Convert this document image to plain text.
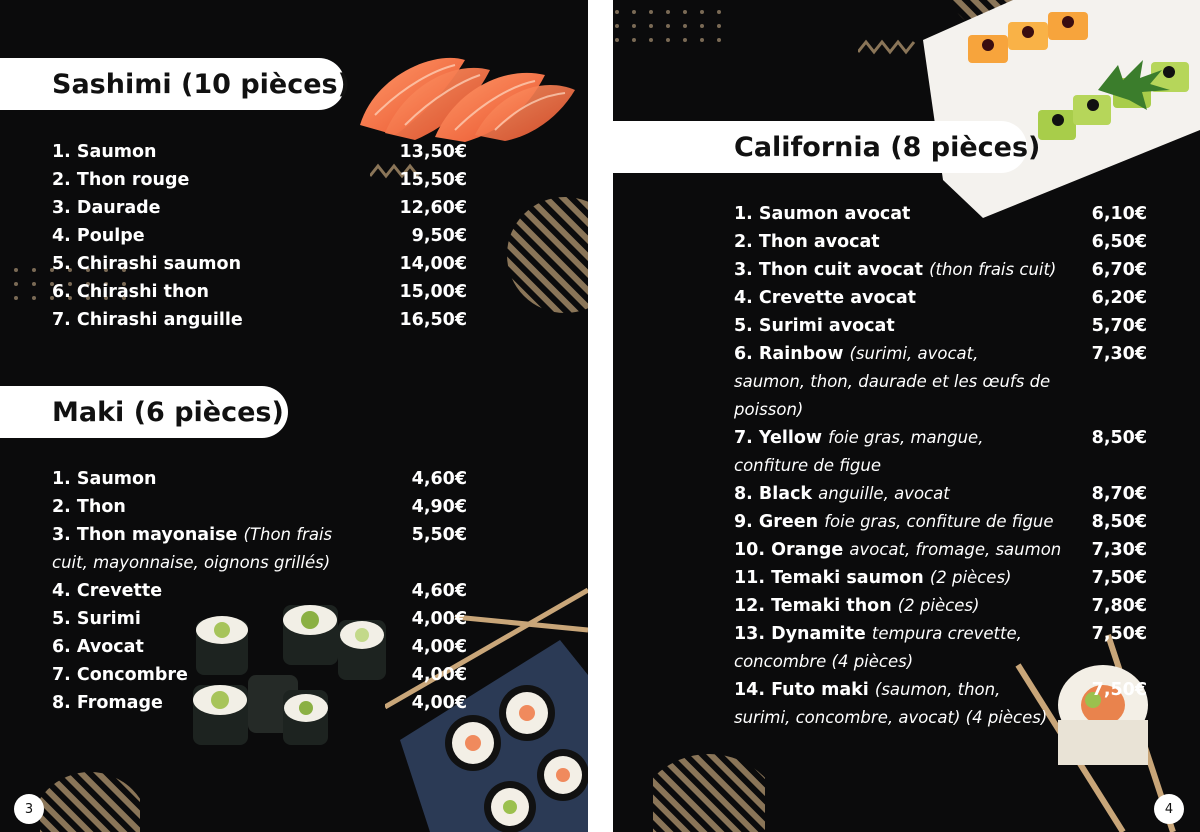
Sashimi (10 pièces)
1. Saumon	13,50€
2. Thon rouge	15,50€
3. Daurade	12,60€
4. Poulpe	9,50€
5. Chirashi saumon	14,00€
6. Chirashi thon	15,00€
7. Chirashi anguille	16,50€
Maki (6 pièces)
1. Saumon	4,60€
2. Thon	4,90€
3. Thon mayonaise (Thon frais cuit, mayonnaise, oignons grillés)
5,50€
4. Crevette	4,60€
5. Surimi	4,00€
6. Avocat	4,00€
7. Concombre	4,00€
8. Fromage	4,00€
3
California (8 pièces)
1. Saumon avocat	6,10€
2. Thon avocat	6,50€
3. Thon cuit avocat (thon frais cuit)	6,70€
4. Crevette avocat	6,20€
5. Surimi avocat	5,70€
6. Rainbow (surimi, avocat, saumon, thon, daurade et les œufs de poisson)
7,30€
7. Yellow foie gras, mangue, confiture de figue
8,50€
8. Black anguille, avocat	8,70€
9. Green foie gras, confiture de figue	8,50€
10. Orange avocat, fromage, saumon	7,30€
11. Temaki saumon (2 pièces)	7,50€
12. Temaki thon (2 pièces)	7,80€
13. Dynamite tempura crevette, concombre (4 pièces)
7,50€
14. Futo maki (saumon, thon, surimi, concombre, avocat) (4 pièces)
7,50€
4
